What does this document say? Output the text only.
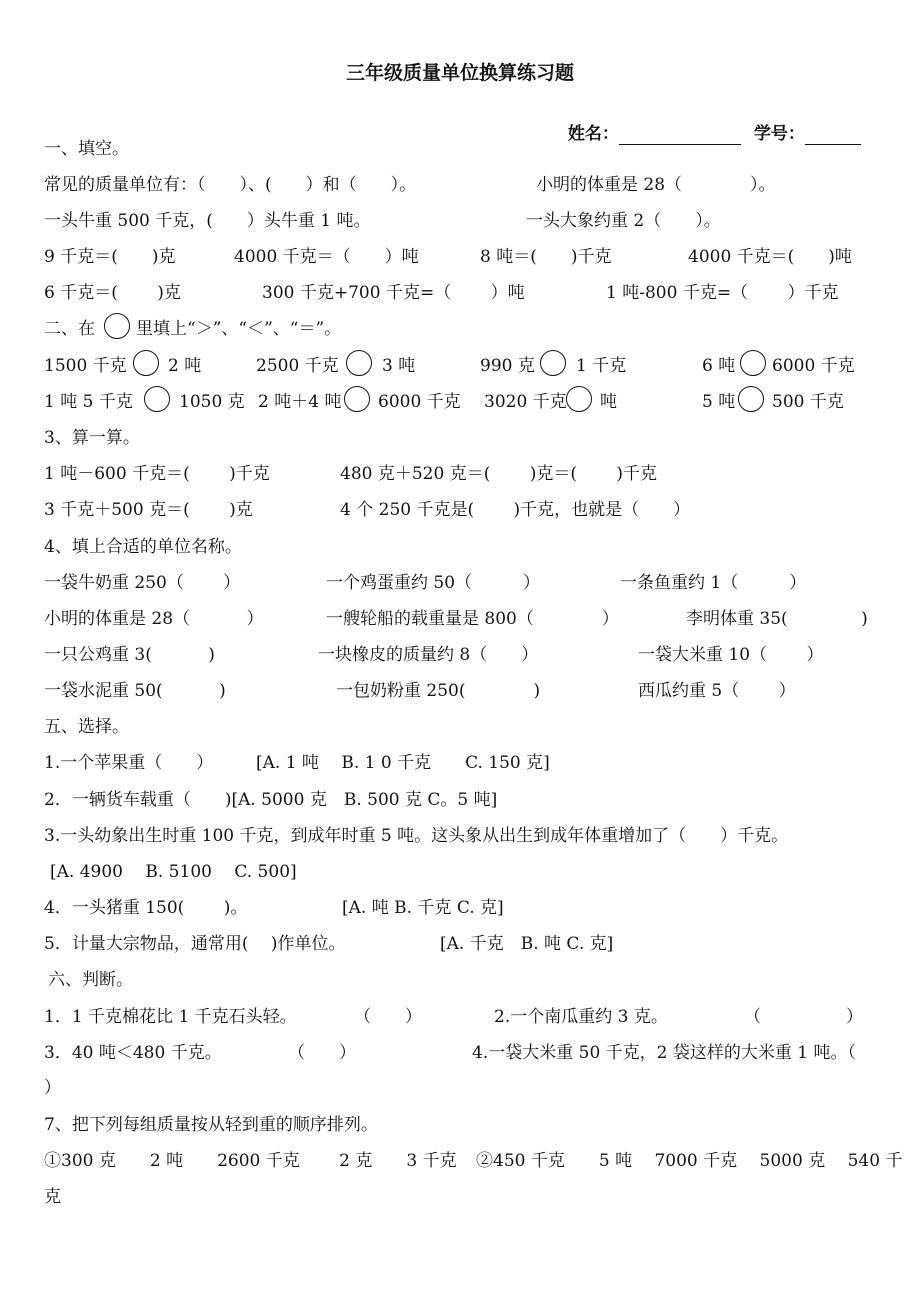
三年级质量单位换算练习题

姓名：	学号：

一、填空。
常见的质量单位有：（　　）、(　　）和（　　）。	小明的体重是 28（　　　　）。
一头牛重 500 千克，(　　）头牛重 1 吨。	一头大象约重 2（　　）。
9 千克＝(　　)克	4000 千克＝（　　）吨	8 吨＝(　　)千克	4000 千克＝(　　)吨
6 千克＝(　　 )克	300 千克+700 千克=（　　 ）吨	1 吨-800 千克=（　　 ）千克
二、在 里填上“＞”、“＜”、“＝”。
1500 千克 2 吨	2500 千克	3 吨	990 克 1 千克	6 吨 6000 千克
1 吨 5 千克	1050 克 2 吨＋4 吨 6000 千克 3020 千克 吨	5 吨 500 千克
3、算一算。
1 吨－600 千克＝(　　 )千克	480 克＋520 克＝(　　 )克＝(　　 )千克
3 千克＋500 克＝(　　 )克	4 个 250 千克是(　　 )千克，也就是（　　）
4、填上合适的单位名称。
一袋牛奶重 250（　　 ）	一个鸡蛋重约 50（　　　）	一条鱼重约 1（　　　）
小明的体重是 28（　　　 ）	一艘轮船的载重量是 800（　　　　）	李明体重 35(　　　　 )
一只公鸡重 3(　　　 )	一块橡皮的质量约 8（　　）	一袋大米重 10（　　 ）
一袋水泥重 50(　　　 )	一包奶粉重 250(　　　　)	西瓜约重 5（　　 ）
五、选择。
1.一个苹果重（　　）	[A. 1 吨　 B. 1 0 千克　　C. 150 克]
2．一辆货车载重（　　)[A. 5000 克　B. 500 克 C。5 吨]
3.一头幼象出生时重 100 千克，到成年时重 5 吨。这头象从出生到成年体重增加了（　　）千克。
[A. 4900　 B. 5100　 C. 500]
4．一头猪重 150(　　 )。	[A. 吨 B. 千克 C. 克]
5．计量大宗物品，通常用(　 )作单位。	[A. 千克　B. 吨 C. 克]
六、判断。
1．1 千克棉花比 1 千克石头轻。	（　　）	2.一个南瓜重约 3 克。	（　　　　　）
3．40 吨＜480 千克。	（　　）	4.一袋大米重 50 千克，2 袋这样的大米重 1 吨。（
）
7、把下列每组质量按从轻到重的顺序排列。
①300 克　　2 吨　　2600 千克　　 2 克　　3 千克 ②450 千克　　5 吨　 7000 千克　 5000 克　 540 千
克
